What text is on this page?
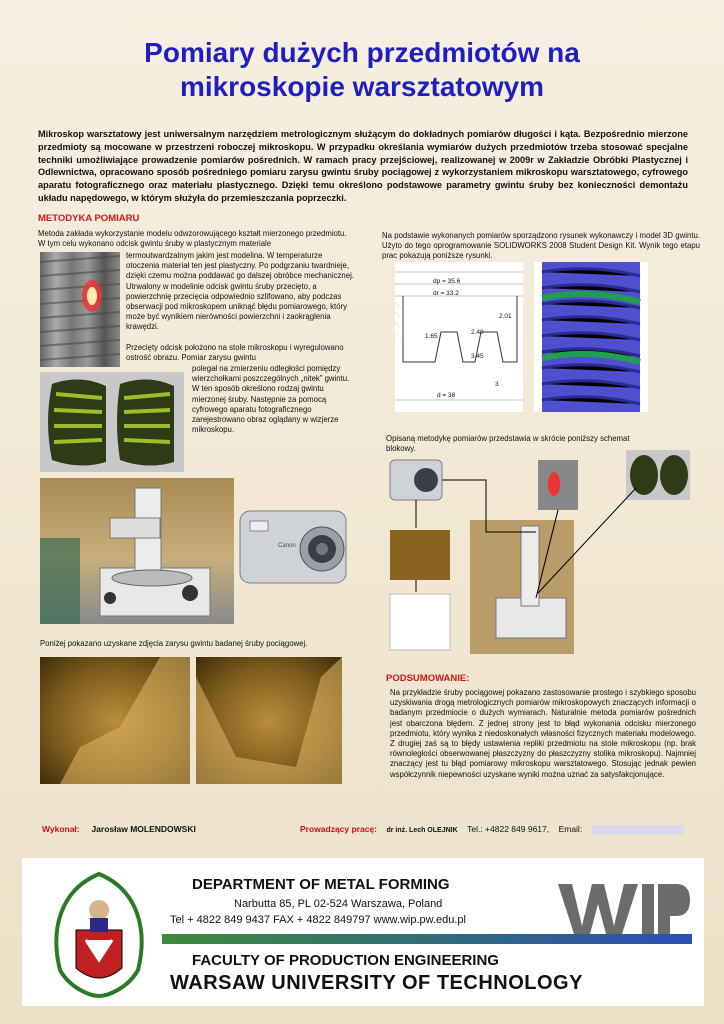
Pomiary dużych przedmiotów na
mikroskopie warsztatowym
Mikroskop warsztatowy jest uniwersalnym narzędziem metrologicznym służącym do dokładnych pomiarów długości i kąta. Bezpośrednio mierzone przedmioty są mocowane w przestrzeni roboczej mikroskopu. W przypadku określania wymiarów dużych przedmiotów trzeba stosować specjalne techniki umożliwiające prowadzenie pomiarów pośrednich. W ramach pracy przejściowej, realizowanej w 2009r w Zakładzie Obróbki Plastycznej i Odlewnictwa, opracowano sposób pośredniego pomiaru zarysu gwintu śruby pociągowej z wykorzystaniem mikroskopu warsztatowego, cyfrowego aparatu fotograficznego oraz materiału plastycznego. Dzięki temu określono podstawowe parametry gwintu śruby bez konieczności demontażu układu napędowego, w którym służyła do przemieszczania poprzeczki.
METODYKA POMIARU
Metoda zakłada wykorzystanie modelu odwzorowującego kształt mierzonego przedmiotu. W tym celu wykonano odcisk gwintu śruby w plastycznym materiale
termoutwardzalnym jakim jest modelina. W temperaturze otoczenia materiał ten jest plastyczny. Po podgrzaniu twardnieje, dzięki czemu można poddawać go dalszej obróbce mechanicznej. Utrwalony w modelinie odcisk gwintu śruby przecięto, a powierzchnię przecięcia odpowiednio szlifowano, aby podczas obserwacji pod mikroskopem uniknąć błędu pomiarowego, który może być wynikiem nierówności powierzchni i zaokrąglenia krawędzi.
Przecięty odcisk położono na stole mikroskopu i wyregulowano ostrość obrazu. Pomiar zarysu gwintu
polegał na zmierzeniu odległości pomiędzy wierzchołkami poszczególnych „nitek” gwintu. W ten sposób określono rodzaj gwintu mierzonej śruby. Następnie za pomocą cyfrowego aparatu fotograficznego zarejestrowano obraz oglądany w wizjerze mikroskopu.
Canon
Poniżej pokazano uzyskane zdjęcia zarysu gwintu badanej śruby pociągowej.
Na podstawie wykonanych pomiarów sporządzono rysunek wykonawczy i model 3D gwintu. Użyto do tego oprogramowanie SOLIDWORKS 2008 Student Design Kit. Wynik tego etapu prac pokazują poniższe rysunki.
dp = 35.6
dr = 33.2
2.01
2.40
3.45
3
1.65
d = 38
Opisaną metodykę pomiarów przedstawia w skrócie poniższy schemat blokowy.
PODSUMOWANIE:
Na przykładzie śruby pociągowej pokazano zastosowanie prostego i szybkiego sposobu uzyskiwania drogą metrologicznych pomiarów mikroskopowych znaczących informacji o badanym przedmiocie o dużych wymiarach. Naturalnie metoda pomiarów pośrednich jest obarczona błędem. Z jednej strony jest to błąd wykonania odcisku mierzonego przedmiotu, który wynika z niedoskonałych własności fizycznych materiału modelowego. Z drugiej zaś są to błędy ustawienia repliki przedmiotu na stole mikroskopu (np. brak równoległości obserwowanej płaszczyzny do płaszczyzny stolika mikroskopu). Najmniej znaczący jest tu błąd pomiarowy mikroskopu warsztatowego. Stosując jednak pewien współczynnik niepewności uzyskane wyniki można uznać za satysfakcjonujące.
Wykonał: Jarosław MOLENDOWSKI	Prowadzący pracę: dr inż. Lech OLEJNIK Tel.: +4822 849 9617, Email:
DEPARTMENT OF METAL FORMING
Narbutta 85, PL 02-524 Warszawa, Poland
Tel + 4822 849 9437 FAX + 4822 849797 www.wip.pw.edu.pl
FACULTY OF PRODUCTION ENGINEERING
WARSAW UNIVERSITY OF TECHNOLOGY
